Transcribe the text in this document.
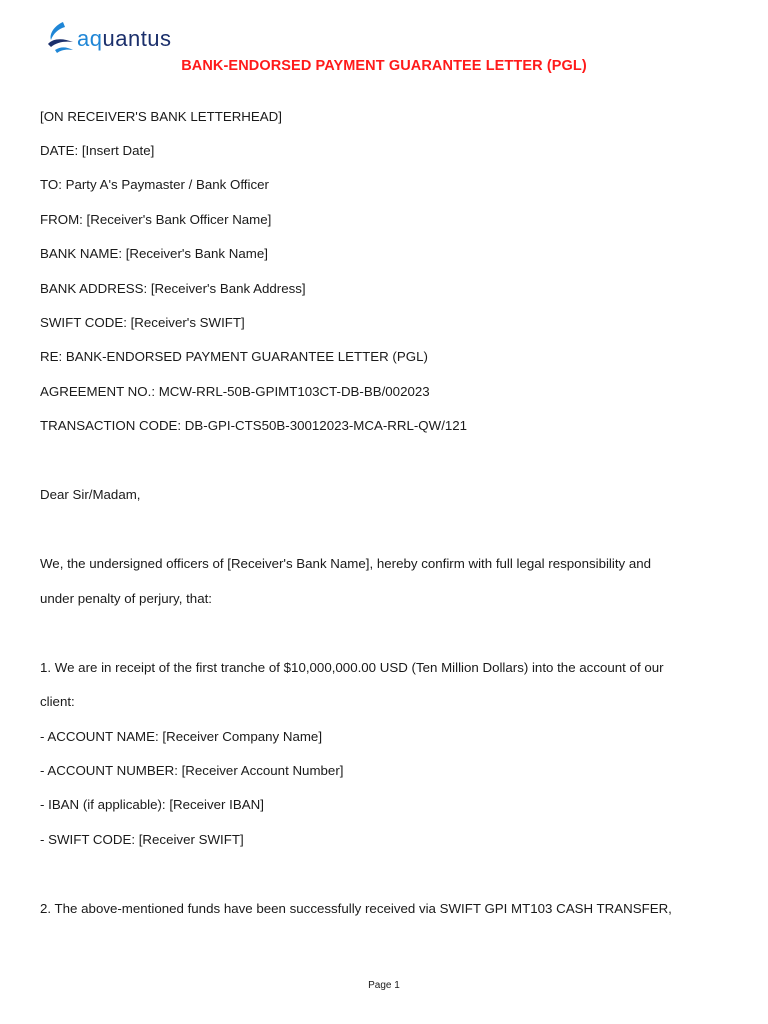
aquantus
BANK-ENDORSED PAYMENT GUARANTEE LETTER (PGL)
[ON RECEIVER'S BANK LETTERHEAD]
DATE: [Insert Date]
TO: Party A's Paymaster / Bank Officer
FROM: [Receiver's Bank Officer Name]
BANK NAME: [Receiver's Bank Name]
BANK ADDRESS: [Receiver's Bank Address]
SWIFT CODE: [Receiver's SWIFT]
RE: BANK-ENDORSED PAYMENT GUARANTEE LETTER (PGL)
AGREEMENT NO.: MCW-RRL-50B-GPIMT103CT-DB-BB/002023
TRANSACTION CODE: DB-GPI-CTS50B-30012023-MCA-RRL-QW/121
Dear Sir/Madam,
We, the undersigned officers of [Receiver's Bank Name], hereby confirm with full legal responsibility and
under penalty of perjury, that:
1. We are in receipt of the first tranche of $10,000,000.00 USD (Ten Million Dollars) into the account of our
client:
- ACCOUNT NAME: [Receiver Company Name]
- ACCOUNT NUMBER: [Receiver Account Number]
- IBAN (if applicable): [Receiver IBAN]
- SWIFT CODE: [Receiver SWIFT]
2. The above-mentioned funds have been successfully received via SWIFT GPI MT103 CASH TRANSFER,
Page 1
